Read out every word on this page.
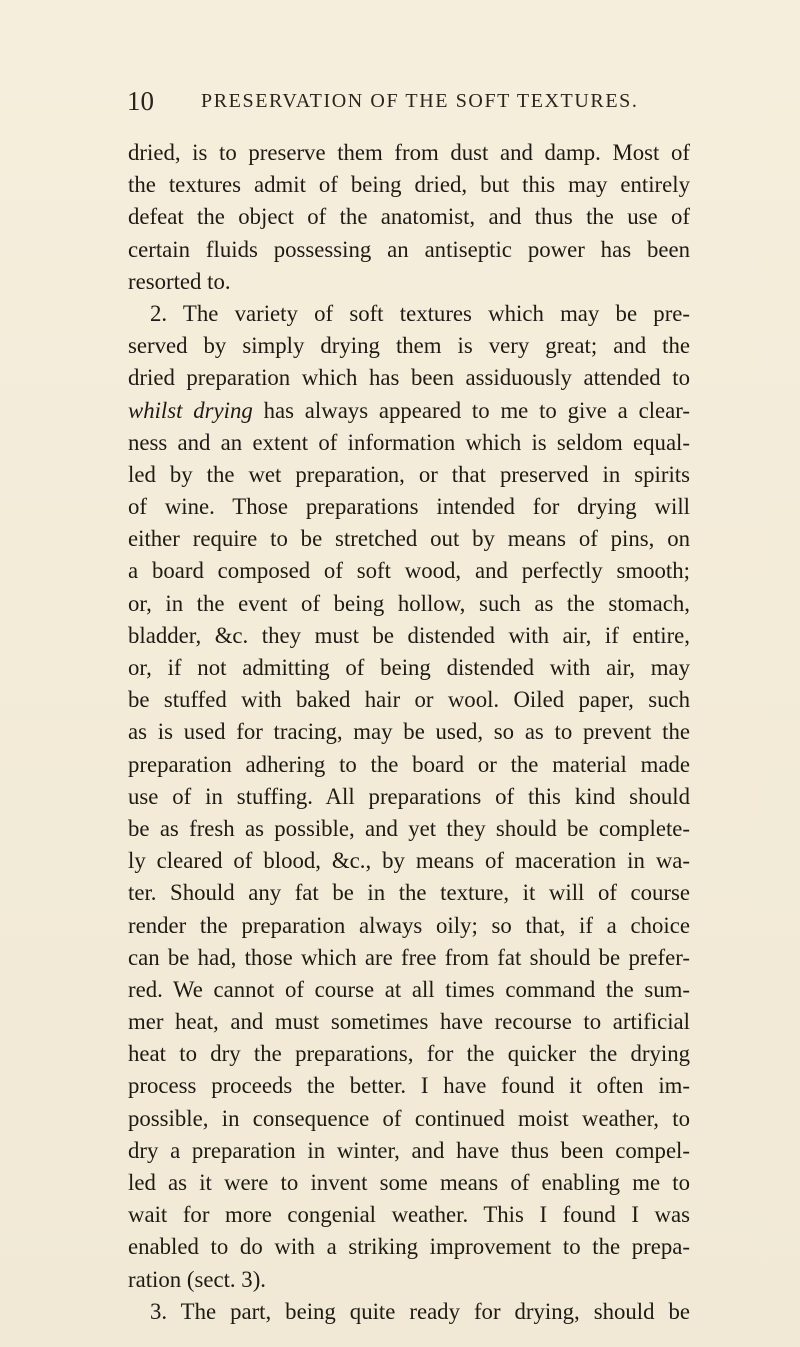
10 PRESERVATION OF THE SOFT TEXTURES.
dried, is to preserve them from dust and damp. Most of
the textures admit of being dried, but this may entirely
defeat the object of the anatomist, and thus the use of
certain fluids possessing an antiseptic power has been
resorted to.
2. The variety of soft textures which may be pre-
served by simply drying them is very great; and the
dried preparation which has been assiduously attended to
whilst drying has always appeared to me to give a clear-
ness and an extent of information which is seldom equal-
led by the wet preparation, or that preserved in spirits
of wine. Those preparations intended for drying will
either require to be stretched out by means of pins, on
a board composed of soft wood, and perfectly smooth;
or, in the event of being hollow, such as the stomach,
bladder, &c. they must be distended with air, if entire,
or, if not admitting of being distended with air, may
be stuffed with baked hair or wool. Oiled paper, such
as is used for tracing, may be used, so as to prevent the
preparation adhering to the board or the material made
use of in stuffing. All preparations of this kind should
be as fresh as possible, and yet they should be complete-
ly cleared of blood, &c., by means of maceration in wa-
ter. Should any fat be in the texture, it will of course
render the preparation always oily; so that, if a choice
can be had, those which are free from fat should be prefer-
red. We cannot of course at all times command the sum-
mer heat, and must sometimes have recourse to artificial
heat to dry the preparations, for the quicker the drying
process proceeds the better. I have found it often im-
possible, in consequence of continued moist weather, to
dry a preparation in winter, and have thus been compel-
led as it were to invent some means of enabling me to
wait for more congenial weather. This I found I was
enabled to do with a striking improvement to the prepa-
ration (sect. 3).
3. The part, being quite ready for drying, should be
